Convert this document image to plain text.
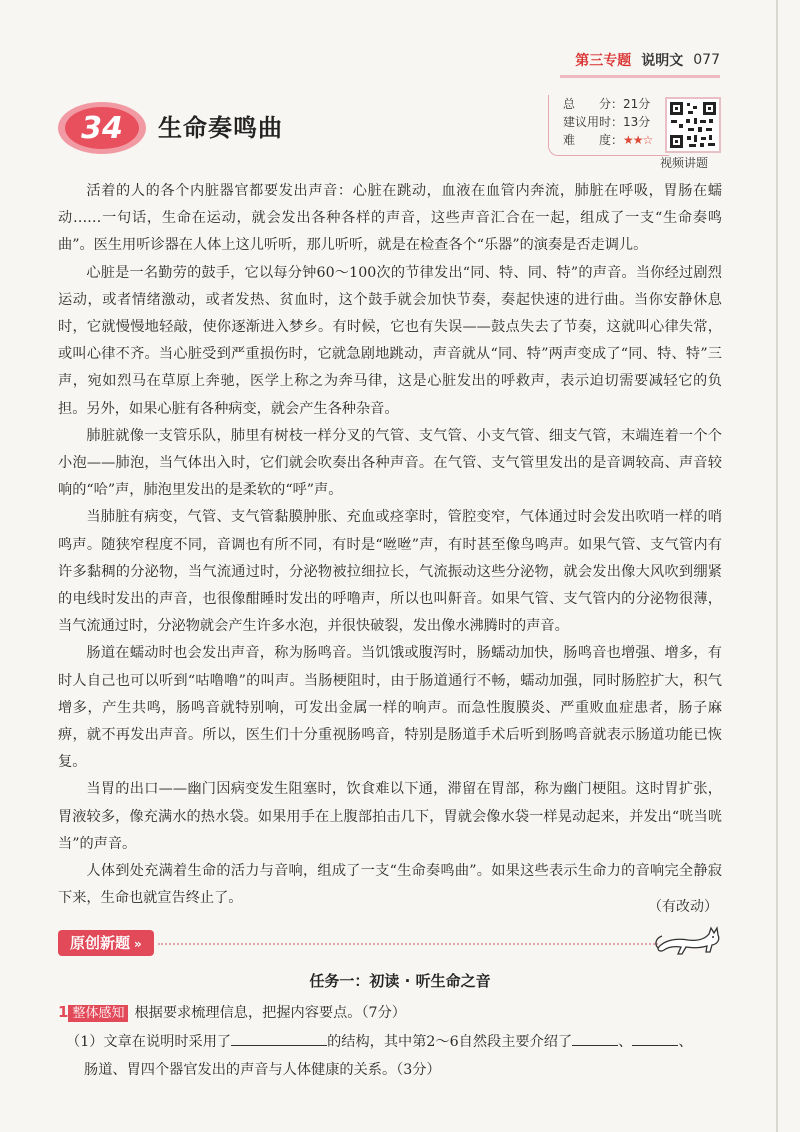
第三专题 说明文 077
34	生命奏鸣曲
总　　分：21分
建议用时：13分
难　　度：★★☆
视频讲题

活着的人的各个内脏器官都要发出声音：心脏在跳动，血液在血管内奔流，肺脏在呼吸，胃肠在蠕动……一句话，生命在运动，就会发出各种各样的声音，这些声音汇合在一起，组成了一支“生命奏鸣曲”。医生用听诊器在人体上这儿听听，那儿听听，就是在检查各个“乐器”的演奏是否走调儿。

心脏是一名勤劳的鼓手，它以每分钟60～100次的节律发出“同、特、同、特”的声音。当你经过剧烈运动，或者情绪激动，或者发热、贫血时，这个鼓手就会加快节奏，奏起快速的进行曲。当你安静休息时，它就慢慢地轻敲，使你逐渐进入梦乡。有时候，它也有失误——鼓点失去了节奏，这就叫心律失常，或叫心律不齐。当心脏受到严重损伤时，它就急剧地跳动，声音就从“同、特”两声变成了“同、特、特”三声，宛如烈马在草原上奔驰，医学上称之为奔马律，这是心脏发出的呼救声，表示迫切需要减轻它的负担。另外，如果心脏有各种病变，就会产生各种杂音。

肺脏就像一支管乐队，肺里有树枝一样分叉的气管、支气管、小支气管、细支气管，末端连着一个个小泡——肺泡，当气体出入时，它们就会吹奏出各种声音。在气管、支气管里发出的是音调较高、声音较响的“哈”声，肺泡里发出的是柔软的“呼”声。

当肺脏有病变，气管、支气管黏膜肿胀、充血或痉挛时，管腔变窄，气体通过时会发出吹哨一样的哨鸣声。随狭窄程度不同，音调也有所不同，有时是“咝咝”声，有时甚至像鸟鸣声。如果气管、支气管内有许多黏稠的分泌物，当气流通过时，分泌物被拉细拉长，气流振动这些分泌物，就会发出像大风吹到绷紧的电线时发出的声音，也很像酣睡时发出的呼噜声，所以也叫鼾音。如果气管、支气管内的分泌物很薄，当气流通过时，分泌物就会产生许多水泡，并很快破裂，发出像水沸腾时的声音。

肠道在蠕动时也会发出声音，称为肠鸣音。当饥饿或腹泻时，肠蠕动加快，肠鸣音也增强、增多，有时人自己也可以听到“咕噜噜”的叫声。当肠梗阻时，由于肠道通行不畅，蠕动加强，同时肠腔扩大，积气增多，产生共鸣，肠鸣音就特别响，可发出金属一样的响声。而急性腹膜炎、严重败血症患者，肠子麻痹，就不再发出声音。所以，医生们十分重视肠鸣音，特别是肠道手术后听到肠鸣音就表示肠道功能已恢复。

当胃的出口——幽门因病变发生阻塞时，饮食难以下通，滞留在胃部，称为幽门梗阻。这时胃扩张，胃液较多，像充满水的热水袋。如果用手在上腹部拍击几下，胃就会像水袋一样晃动起来，并发出“咣当咣当”的声音。

人体到处充满着生命的活力与音响，组成了一支“生命奏鸣曲”。如果这些表示生命力的音响完全静寂下来，生命也就宣告终止了。

（有改动）
原创新题 »
任务一：初读 · 听生命之音
1 整体感知 根据要求梳理信息，把握内容要点。（7分）
（1）文章在说明时采用了	的结构，其中第2～6自然段主要介绍了	、	、
肠道、胃四个器官发出的声音与人体健康的关系。（3分）
